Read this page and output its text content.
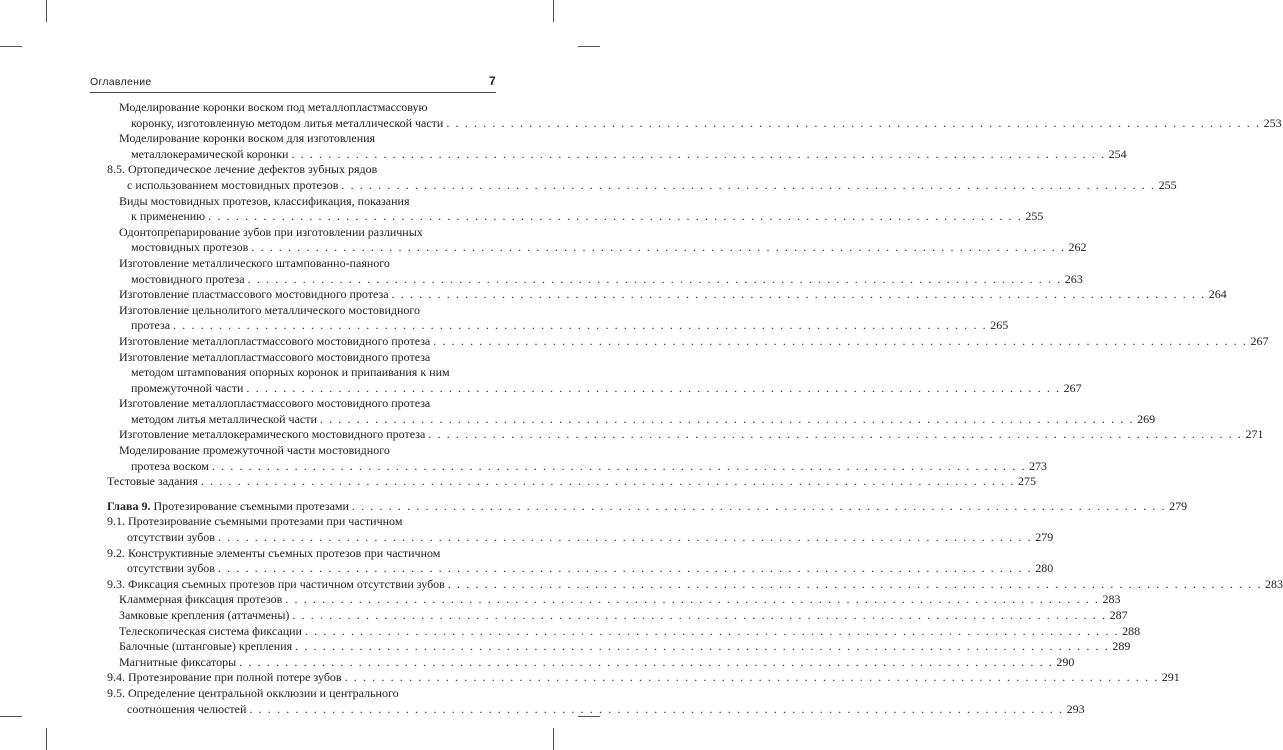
Оглавление	7
Моделирование коронки воском под металлопластмассовую
коронку, изготовленную методом литья металлической части . . . . . . . . . . . . . . . . . . . . . . . . . . . . . . . . . . . . . . . . . . . . . . . . . . . . . . . . . . . . . . . . . . . . . . . . . . . . . . . . . . . . . . . . . 253
Моделирование коронки воском для изготовления
металлокерамической коронки . . . . . . . . . . . . . . . . . . . . . . . . . . . . . . . . . . . . . . . . . . . . . . . . . . . . . . . . . . . . . . . . . . . . . . . . . . . . . . . . . . . . . . . . . 254
8.5. Ортопедическое лечение дефектов зубных рядов
с использованием мостовидных протезов . . . . . . . . . . . . . . . . . . . . . . . . . . . . . . . . . . . . . . . . . . . . . . . . . . . . . . . . . . . . . . . . . . . . . . . . . . . . . . . . . . . . . . . . . 255
Виды мостовидных протезов, классификация, показания
к применению . . . . . . . . . . . . . . . . . . . . . . . . . . . . . . . . . . . . . . . . . . . . . . . . . . . . . . . . . . . . . . . . . . . . . . . . . . . . . . . . . . . . . . . . . 255
Одонтопрепарирование зубов при изготовлении различных
мостовидных протезов . . . . . . . . . . . . . . . . . . . . . . . . . . . . . . . . . . . . . . . . . . . . . . . . . . . . . . . . . . . . . . . . . . . . . . . . . . . . . . . . . . . . . . . . . 262
Изготовление металлического штампованно-паяного
мостовидного протеза . . . . . . . . . . . . . . . . . . . . . . . . . . . . . . . . . . . . . . . . . . . . . . . . . . . . . . . . . . . . . . . . . . . . . . . . . . . . . . . . . . . . . . . . . 263
Изготовление пластмассового мостовидного протеза . . . . . . . . . . . . . . . . . . . . . . . . . . . . . . . . . . . . . . . . . . . . . . . . . . . . . . . . . . . . . . . . . . . . . . . . . . . . . . . . . . . . . . . . . 264
Изготовление цельнолитого металлического мостовидного
протеза . . . . . . . . . . . . . . . . . . . . . . . . . . . . . . . . . . . . . . . . . . . . . . . . . . . . . . . . . . . . . . . . . . . . . . . . . . . . . . . . . . . . . . . . . 265
Изготовление металлопластмассового мостовидного протеза . . . . . . . . . . . . . . . . . . . . . . . . . . . . . . . . . . . . . . . . . . . . . . . . . . . . . . . . . . . . . . . . . . . . . . . . . . . . . . . . . . . . . . . . . 267
Изготовление металлопластмассового мостовидного протеза
методом штампования опорных коронок и припаивания к ним
промежуточной части . . . . . . . . . . . . . . . . . . . . . . . . . . . . . . . . . . . . . . . . . . . . . . . . . . . . . . . . . . . . . . . . . . . . . . . . . . . . . . . . . . . . . . . . . 267
Изготовление металлопластмассового мостовидного протеза
методом литья металлической части . . . . . . . . . . . . . . . . . . . . . . . . . . . . . . . . . . . . . . . . . . . . . . . . . . . . . . . . . . . . . . . . . . . . . . . . . . . . . . . . . . . . . . . . . 269
Изготовление металлокерамического мостовидного протеза . . . . . . . . . . . . . . . . . . . . . . . . . . . . . . . . . . . . . . . . . . . . . . . . . . . . . . . . . . . . . . . . . . . . . . . . . . . . . . . . . . . . . . . . . 271
Моделирование промежуточной части мостовидного
протеза воском . . . . . . . . . . . . . . . . . . . . . . . . . . . . . . . . . . . . . . . . . . . . . . . . . . . . . . . . . . . . . . . . . . . . . . . . . . . . . . . . . . . . . . . . . 273
Тестовые задания . . . . . . . . . . . . . . . . . . . . . . . . . . . . . . . . . . . . . . . . . . . . . . . . . . . . . . . . . . . . . . . . . . . . . . . . . . . . . . . . . . . . . . . . . 275
Глава 9. Протезирование съемными протезами . . . . . . . . . . . . . . . . . . . . . . . . . . . . . . . . . . . . . . . . . . . . . . . . . . . . . . . . . . . . . . . . . . . . . . . . . . . . . . . . . . . . . . . . . 279
9.1. Протезирование съемными протезами при частичном
отсутствии зубов . . . . . . . . . . . . . . . . . . . . . . . . . . . . . . . . . . . . . . . . . . . . . . . . . . . . . . . . . . . . . . . . . . . . . . . . . . . . . . . . . . . . . . . . . 279
9.2. Конструктивные элементы съемных протезов при частичном
отсутствии зубов . . . . . . . . . . . . . . . . . . . . . . . . . . . . . . . . . . . . . . . . . . . . . . . . . . . . . . . . . . . . . . . . . . . . . . . . . . . . . . . . . . . . . . . . . 280
9.3. Фиксация съемных протезов при частичном отсутствии зубов . . . . . . . . . . . . . . . . . . . . . . . . . . . . . . . . . . . . . . . . . . . . . . . . . . . . . . . . . . . . . . . . . . . . . . . . . . . . . . . . . . . . . . . . . 283
Кламмерная фиксация протезов . . . . . . . . . . . . . . . . . . . . . . . . . . . . . . . . . . . . . . . . . . . . . . . . . . . . . . . . . . . . . . . . . . . . . . . . . . . . . . . . . . . . . . . . . 283
Замковые крепления (аттачмены) . . . . . . . . . . . . . . . . . . . . . . . . . . . . . . . . . . . . . . . . . . . . . . . . . . . . . . . . . . . . . . . . . . . . . . . . . . . . . . . . . . . . . . . . . 287
Телескопическая система фиксации . . . . . . . . . . . . . . . . . . . . . . . . . . . . . . . . . . . . . . . . . . . . . . . . . . . . . . . . . . . . . . . . . . . . . . . . . . . . . . . . . . . . . . . . . 288
Балочные (штанговые) крепления . . . . . . . . . . . . . . . . . . . . . . . . . . . . . . . . . . . . . . . . . . . . . . . . . . . . . . . . . . . . . . . . . . . . . . . . . . . . . . . . . . . . . . . . . 289
Магнитные фиксаторы . . . . . . . . . . . . . . . . . . . . . . . . . . . . . . . . . . . . . . . . . . . . . . . . . . . . . . . . . . . . . . . . . . . . . . . . . . . . . . . . . . . . . . . . . 290
9.4. Протезирование при полной потере зубов . . . . . . . . . . . . . . . . . . . . . . . . . . . . . . . . . . . . . . . . . . . . . . . . . . . . . . . . . . . . . . . . . . . . . . . . . . . . . . . . . . . . . . . . . 291
9.5. Определение центральной окклюзии и центрального
соотношения челюстей . . . . . . . . . . . . . . . . . . . . . . . . . . . . . . . . . . . . . . . . . . . . . . . . . . . . . . . . . . . . . . . . . . . . . . . . . . . . . . . . . . . . . . . . . 293
